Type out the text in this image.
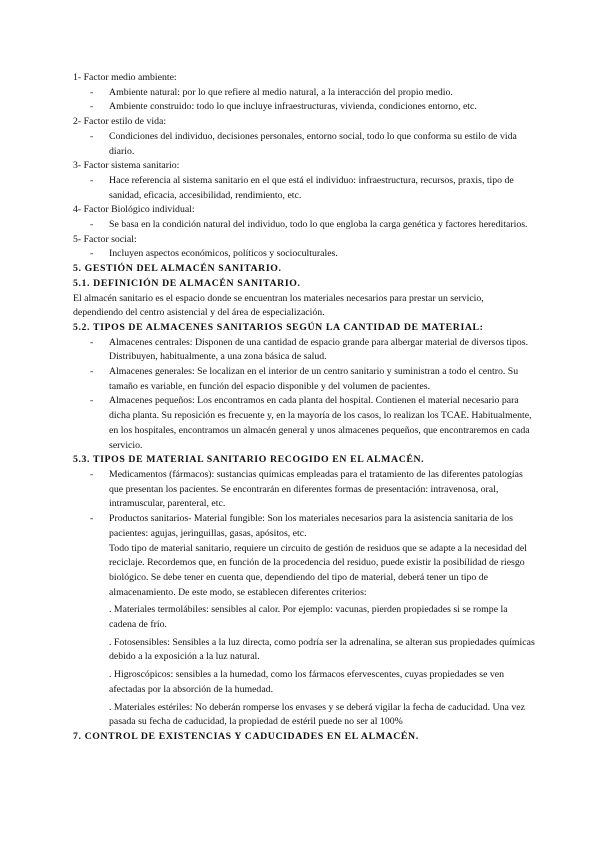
1- Factor medio ambiente:

- Ambiente natural: por lo que refiere al medio natural, a la interacción del propio medio.
- Ambiente construido: todo lo que incluye infraestructuras, vivienda, condiciones entorno, etc.

2- Factor estilo de vida:

- Condiciones del individuo, decisiones personales, entorno social, todo lo que conforma su estilo de vida diario.

3- Factor sistema sanitario:

- Hace referencia al sistema sanitario en el que está el individuo: infraestructura, recursos, praxis, tipo de sanidad, eficacia, accesibilidad, rendimiento, etc.

4- Factor Biológico individual:

- Se basa en la condición natural del individuo, todo lo que engloba la carga genética y factores hereditarios.

5- Factor social:

- Incluyen aspectos económicos, políticos y socioculturales.

5. GESTIÓN DEL ALMACÉN SANITARIO.

5.1. DEFINICIÓN DE ALMACÉN SANITARIO.

El almacén sanitario es el espacio donde se encuentran los materiales necesarios para prestar un servicio, dependiendo del centro asistencial y del área de especialización.

5.2. TIPOS DE ALMACENES SANITARIOS SEGÚN LA CANTIDAD DE MATERIAL:

- Almacenes centrales: Disponen de una cantidad de espacio grande para albergar material de diversos tipos. Distribuyen, habitualmente, a una zona básica de salud.
- Almacenes generales: Se localizan en el interior de un centro sanitario y suministran a todo el centro. Su tamaño es variable, en función del espacio disponible y del volumen de pacientes.
- Almacenes pequeños: Los encontramos en cada planta del hospital. Contienen el material necesario para dicha planta. Su reposición es frecuente y, en la mayoría de los casos, lo realizan los TCAE. Habitualmente, en los hospitales, encontramos un almacén general y unos almacenes pequeños, que encontraremos en cada servicio.

5.3. TIPOS DE MATERIAL SANITARIO RECOGIDO EN EL ALMACÉN.

- Medicamentos (fármacos): sustancias químicas empleadas para el tratamiento de las diferentes patologías que presentan los pacientes. Se encontrarán en diferentes formas de presentación: intravenosa, oral, intramuscular, parenteral, etc.
- Productos sanitarios- Material fungible: Son los materiales necesarios para la asistencia sanitaria de los pacientes: agujas, jeringuillas, gasas, apósitos, etc.

Todo tipo de material sanitario, requiere un circuito de gestión de residuos que se adapte a la necesidad del reciclaje. Recordemos que, en función de la procedencia del residuo, puede existir la posibilidad de riesgo biológico. Se debe tener en cuenta que, dependiendo del tipo de material, deberá tener un tipo de almacenamiento. De este modo, se establecen diferentes criterios:

. Materiales termolábiles: sensibles al calor. Por ejemplo: vacunas, pierden propiedades si se rompe la cadena de frío.

. Fotosensibles: Sensibles a la luz directa, como podría ser la adrenalina, se alteran sus propiedades químicas debido a la exposición a la luz natural.

. Higroscópicos: sensibles a la humedad, como los fármacos efervescentes, cuyas propiedades se ven afectadas por la absorción de la humedad.

. Materiales estériles: No deberán romperse los envases y se deberá vigilar la fecha de caducidad. Una vez pasada su fecha de caducidad, la propiedad de estéril puede no ser al 100%

7. CONTROL DE EXISTENCIAS Y CADUCIDADES EN EL ALMACÉN.
